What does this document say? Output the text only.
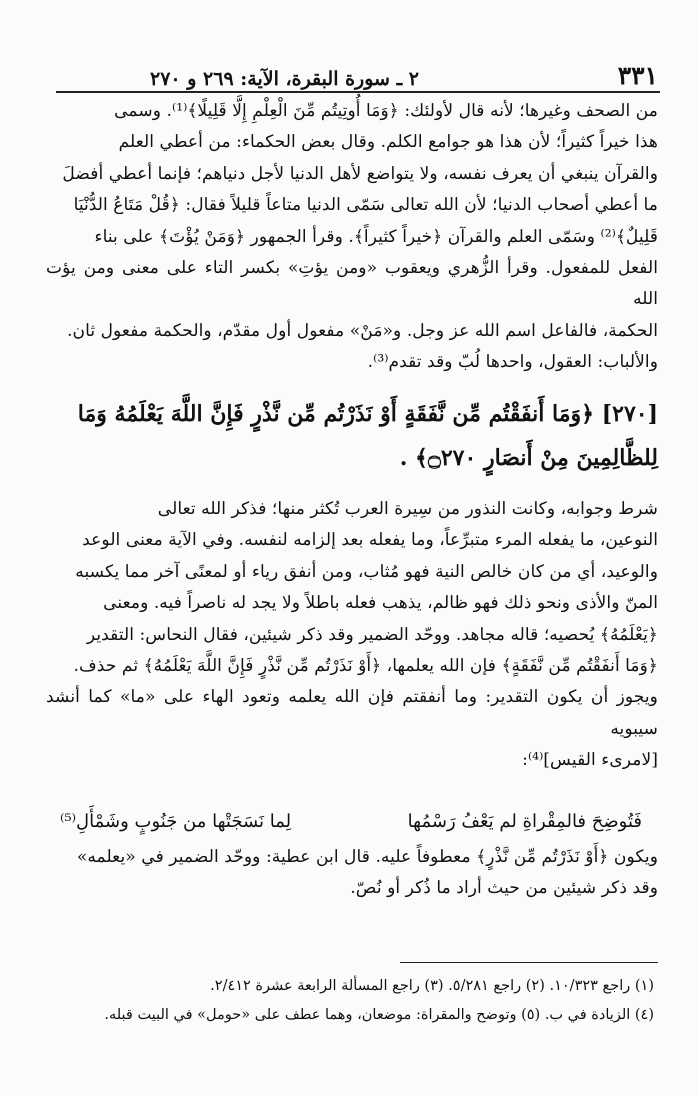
٣٣١
٢ ـ سورة البقرة، الآية: ٢٦٩ و ٢٧٠

من الصحف وغيرها؛ لأنه قال لأولئك: ﴿وَمَا أُوتِيتُم مِّنَ الْعِلْمِ إِلَّا قَلِيلًا﴾⁽¹⁾. وسمى

هذا خيراً كثيراً؛ لأن هذا هو جوامع الكلم. وقال بعض الحكماء: من أعطي العلم

والقرآن ينبغي أن يعرف نفسه، ولا يتواضع لأهل الدنيا لأجل دنياهم؛ فإنما أعطي أفضلَ

ما أعطي أصحاب الدنيا؛ لأن الله تعالى سَمّى الدنيا متاعاً قليلاً فقال: ﴿قُلْ مَتَاعُ الدُّنْيَا

قَلِيلٌ﴾⁽²⁾ وسَمّى العلم والقرآن ﴿خيراً كثيراً﴾. وقرأ الجمهور ﴿وَمَنْ يُؤْتَ﴾ على بناء

الفعل للمفعول. وقرأ الزُّهري ويعقوب «ومن يؤتِ» بكسر التاء على معنى ومن يؤت الله

الحكمة، فالفاعل اسم الله عز وجل. و«مَنْ» مفعول أول مقدّم، والحكمة مفعول ثان.

والألباب: العقول، واحدها لُبّ وقد تقدم⁽³⁾.

[٢٧٠] ﴿وَمَا أَنفَقْتُم مِّن نَّفَقَةٍ أَوْ نَذَرْتُم مِّن نَّذْرٍ فَإِنَّ اللَّهَ يَعْلَمُهُ وَمَا
لِلظَّالِمِينَ مِنْ أَنصَارٍ ۝٢٧٠﴾ .

شرط وجوابه، وكانت النذور من سِيرة العرب تُكثر منها؛ فذكر الله تعالى

النوعين، ما يفعله المرء متبرِّعاً، وما يفعله بعد إلزامه لنفسه. وفي الآية معنى الوعد

والوعيد، أي من كان خالص النية فهو مُثاب، ومن أنفق رياء أو لمعنًى آخر مما يكسبه

المنّ والأذى ونحو ذلك فهو ظالم، يذهب فعله باطلاً ولا يجد له ناصراً فيه. ومعنى

﴿يَعْلَمُهُ﴾ يُحصيه؛ قاله مجاهد. ووحّد الضمير وقد ذكر شيئين، فقال النحاس: التقدير

﴿وَمَا أَنفَقْتُم مِّن نَّفَقَةٍ﴾ فإن الله يعلمها، ﴿أَوْ نَذَرْتُم مِّن نَّذْرٍ فَإِنَّ اللَّهَ يَعْلَمُهُ﴾ ثم حذف.

ويجوز أن يكون التقدير: وما أنفقتم فإن الله يعلمه وتعود الهاء على «ما» كما أنشد سيبويه

[لامرىء القيس]⁽⁴⁾:

فَتُوضِحَ فالمِقْراةِ لم يَعْفُ رَسْمُها
لِما نَسَجَتْها من جَنُوبٍ وشَمْأَلِ⁽⁵⁾

ويكون ﴿أَوْ نَذَرْتُم مِّن نَّذْرٍ﴾ معطوفاً عليه. قال ابن عطية: ووحّد الضمير في «يعلمه»

وقد ذكر شيئين من حيث أراد ما ذُكر أو نُصّ.

(١) راجع ١٠/٣٢٣. (٢) راجع ٥/٢٨١. (٣) راجع المسألة الرابعة عشرة ٢/٤١٢.

(٤) الزيادة في ب. (٥) وتوضح والمقراة: موضعان، وهما عطف على «حومل» في البيت قبله.
